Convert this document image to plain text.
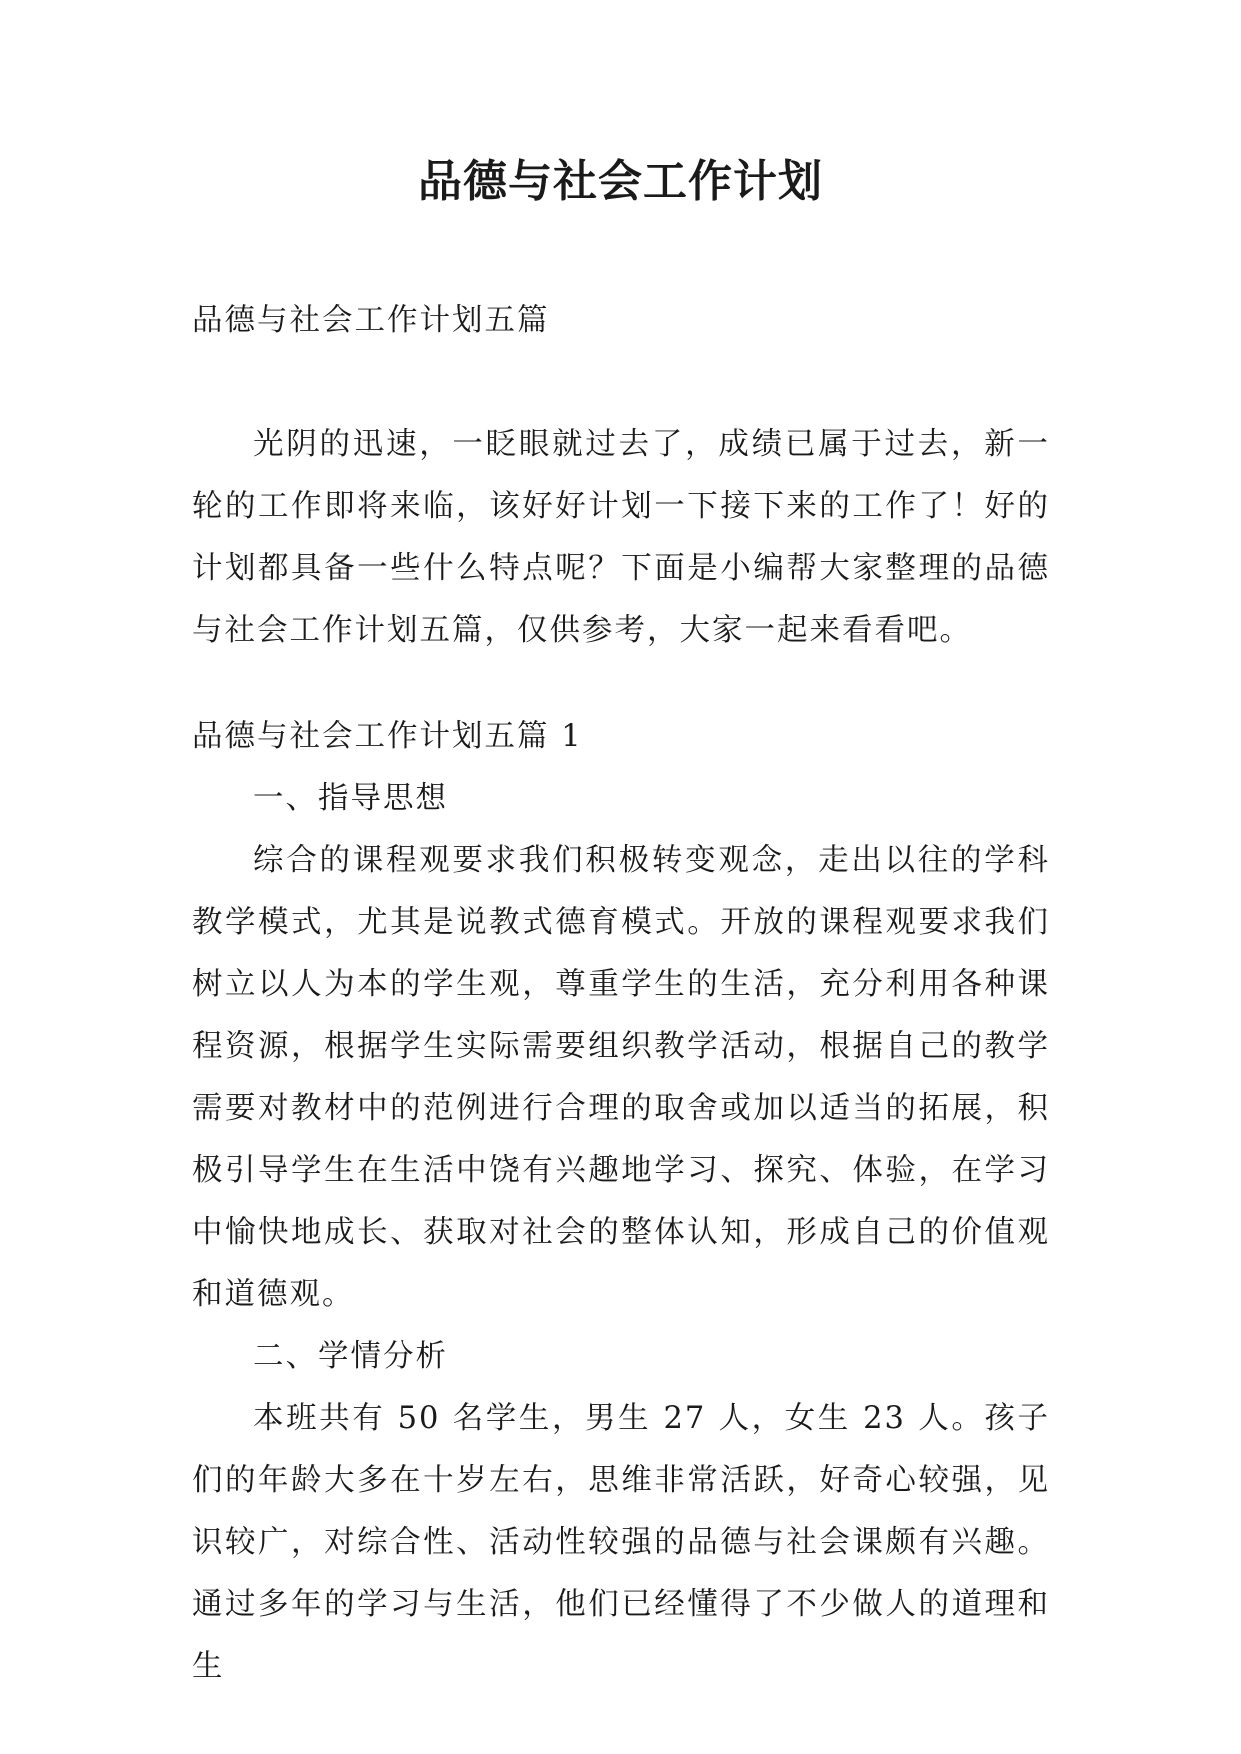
品德与社会工作计划

品德与社会工作计划五篇

光阴的迅速，一眨眼就过去了，成绩已属于过去，新一轮的工作即将来临，该好好计划一下接下来的工作了！好的计划都具备一些什么特点呢？下面是小编帮大家整理的品德与社会工作计划五篇，仅供参考，大家一起来看看吧。

品德与社会工作计划五篇 1

一、指导思想

综合的课程观要求我们积极转变观念，走出以往的学科教学模式，尤其是说教式德育模式。开放的课程观要求我们树立以人为本的学生观，尊重学生的生活，充分利用各种课程资源，根据学生实际需要组织教学活动，根据自己的教学需要对教材中的范例进行合理的取舍或加以适当的拓展，积极引导学生在生活中饶有兴趣地学习、探究、体验，在学习中愉快地成长、获取对社会的整体认知，形成自己的价值观和道德观。

二、学情分析

本班共有 50 名学生，男生 27 人，女生 23 人。孩子们的年龄大多在十岁左右，思维非常活跃，好奇心较强，见识较广，对综合性、活动性较强的品德与社会课颇有兴趣。通过多年的学习与生活，他们已经懂得了不少做人的道理和生
